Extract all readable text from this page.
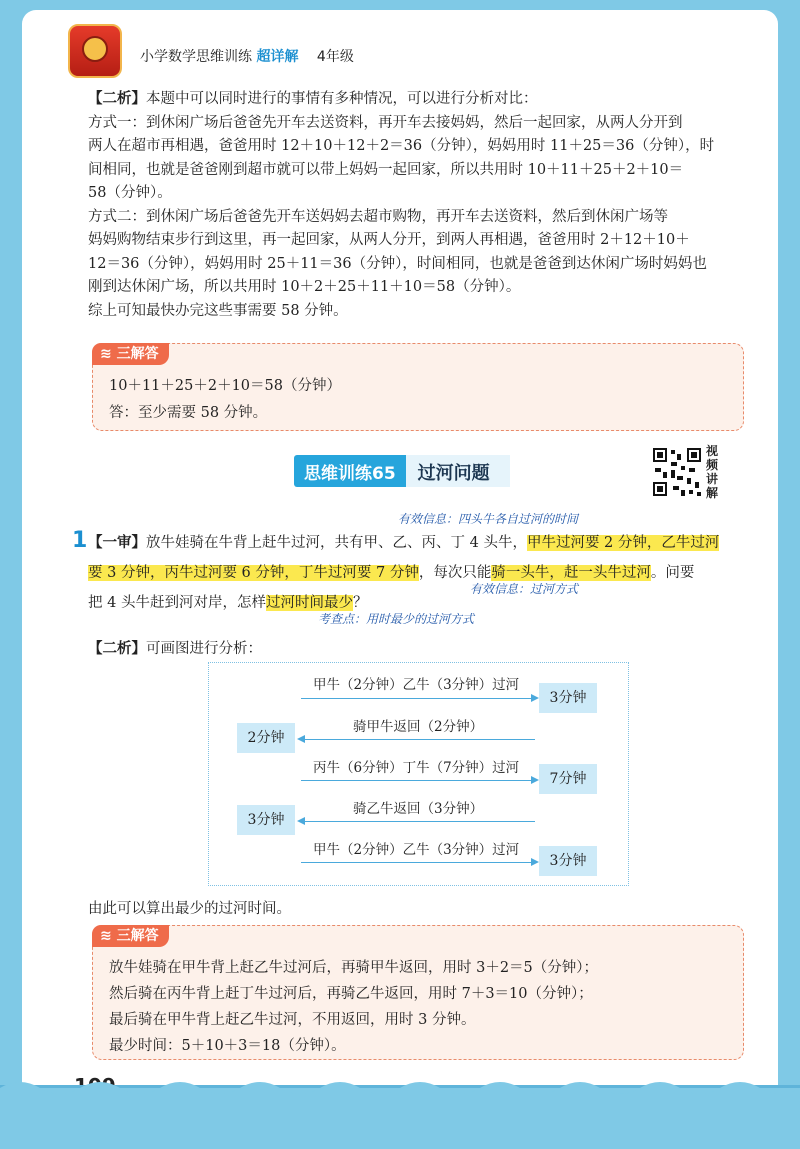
小学数学思维训练 超详解 4年级
【二析】本题中可以同时进行的事情有多种情况，可以进行分析对比：
方式一：到休闲广场后爸爸先开车去送资料，再开车去接妈妈，然后一起回家，从两人分开到
两人在超市再相遇，爸爸用时 12＋10＋12＋2＝36（分钟），妈妈用时 11＋25＝36（分钟），时
间相同，也就是爸爸刚到超市就可以带上妈妈一起回家，所以共用时 10＋11＋25＋2＋10＝
58（分钟）。
方式二：到休闲广场后爸爸先开车送妈妈去超市购物，再开车去送资料，然后到休闲广场等
妈妈购物结束步行到这里，再一起回家，从两人分开，到两人再相遇，爸爸用时 2＋12＋10＋
12＝36（分钟），妈妈用时 25＋11＝36（分钟），时间相同，也就是爸爸到达休闲广场时妈妈也
刚到达休闲广场，所以共用时 10＋2＋25＋11＋10＝58（分钟）。
综上可知最快办完这些事需要 58 分钟。
≋ 三解答
10＋11＋25＋2＋10＝58（分钟）
答：至少需要 58 分钟。
思维训练65 过河问题
视频讲解
有效信息：四头牛各自过河的时间
1 【一审】放牛娃骑在牛背上赶牛过河，共有甲、乙、丙、丁 4 头牛，甲牛过河要 2 分钟，乙牛过河
要 3 分钟，丙牛过河要 6 分钟，丁牛过河要 7 分钟，每次只能骑一头牛，赶一头牛过河。问要
把 4 头牛赶到河对岸，怎样过河时间最少？
有效信息：过河方式
考查点：用时最少的过河方式
【二析】可画图进行分析：
甲牛（2分钟）乙牛（3分钟）过河
3分钟
骑甲牛返回（2分钟）
2分钟
丙牛（6分钟）丁牛（7分钟）过河
7分钟
骑乙牛返回（3分钟）
3分钟
甲牛（2分钟）乙牛（3分钟）过河
3分钟
由此可以算出最少的过河时间。
≋ 三解答
放牛娃骑在甲牛背上赶乙牛过河后，再骑甲牛返回，用时 3＋2＝5（分钟）；
然后骑在丙牛背上赶丁牛过河后，再骑乙牛返回，用时 7＋3＝10（分钟）；
最后骑在甲牛背上赶乙牛过河，不用返回，用时 3 分钟。
最少时间：5＋10＋3＝18（分钟）。
